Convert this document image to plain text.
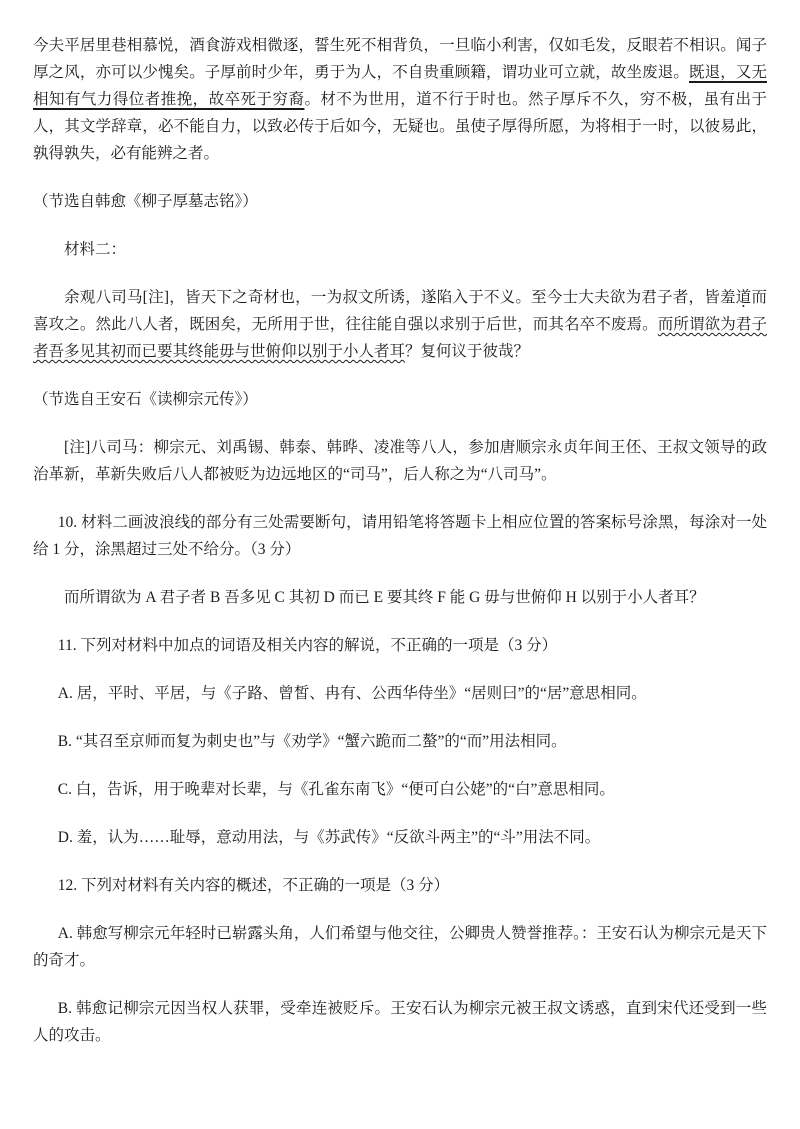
今夫平居里巷相慕悦，酒食游戏相微逐，誓生死不相背负，一旦临小利害，仅如毛发，反眼若不相识。闻子厚之风，亦可以少愧矣。子厚前时少年，勇于为人，不自贵重顾籍，谓功业可立就，故坐废退。既退，又无相知有气力得位者推挽，故卒死于穷裔。材不为世用，道不行于时也。然子厚斥不久，穷不极，虽有出于人，其文学辞章，必不能自力，以致必传于后如今，无疑也。虽使子厚得所愿，为将相于一时，以彼易此，孰得孰失，必有能辨之者。

（节选自韩愈《柳子厚墓志铭》）

材料二：

余观八司马[注]，皆天下之奇材也，一为叔文所诱，遂陷入于不义。至今士大夫欲为君子者，皆羞道而喜攻之。然此八人者，既困矣，无所用于世，往往能自强以求别于后世，而其名卒不废焉。而所谓欲为君子者吾多见其初而已要其终能毋与世俯仰以别于小人者耳？复何议于彼哉？

（节选自王安石《读柳宗元传》）

[注]八司马：柳宗元、刘禹锡、韩泰、韩晔、凌准等八人，参加唐顺宗永贞年间王伾、王叔文领导的政治革新，革新失败后八人都被贬为边远地区的“司马”，后人称之为“八司马”。

10. 材料二画波浪线的部分有三处需要断句，请用铅笔将答题卡上相应位置的答案标号涂黑，每涂对一处给 1 分，涂黑超过三处不给分。（3 分）

而所谓欲为 A 君子者 B 吾多见 C 其初 D 而已 E 要其终 F 能 G 毋与世俯仰 H 以别于小人者耳？

11. 下列对材料中加点的词语及相关内容的解说，不正确的一项是（3 分）

A. 居，平时、平居，与《子路、曾皙、冉有、公西华侍坐》“居则曰”的“居”意思相同。

B. “其召至京师而复为刺史也”与《劝学》“蟹六跪而二螯”的“而”用法相同。

C. 白，告诉，用于晚辈对长辈，与《孔雀东南飞》“便可白公姥”的“白”意思相同。

D. 羞，认为……耻辱，意动用法，与《苏武传》“反欲斗两主”的“斗”用法不同。

12. 下列对材料有关内容的概述，不正确的一项是（3 分）

A. 韩愈写柳宗元年轻时已崭露头角，人们希望与他交往，公卿贵人赞誉推荐。：王安石认为柳宗元是天下的奇才。

B. 韩愈记柳宗元因当权人获罪，受牵连被贬斥。王安石认为柳宗元被王叔文诱惑，直到宋代还受到一些人的攻击。
